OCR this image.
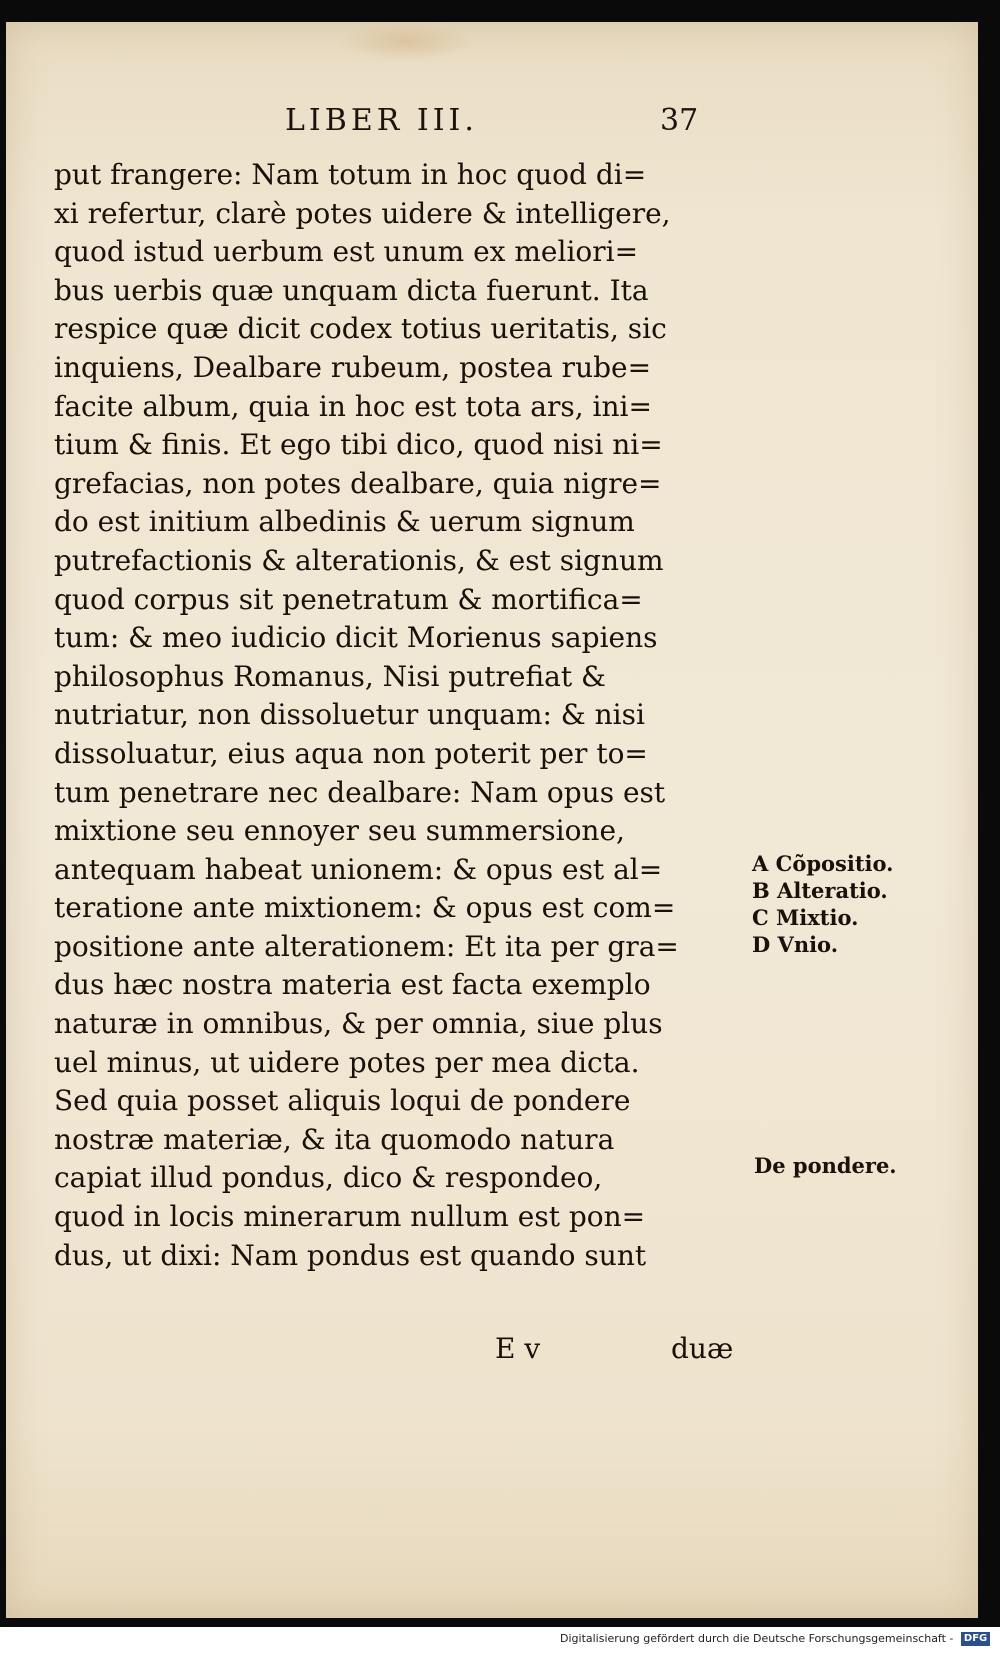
LIBER III.	37
put frangere: Nam totum in hoc quod di=
xi refertur, clarè potes uidere & intelligere,
quod istud uerbum est unum ex meliori=
bus uerbis quæ unquam dicta fuerunt. Ita
respice quæ dicit codex totius ueritatis, sic
inquiens, Dealbare rubeum, postea rube=
facite album, quia in hoc est tota ars, ini=
tium & finis. Et ego tibi dico, quod nisi ni=
grefacias, non potes dealbare, quia nigre=
do est initium albedinis & uerum signum
putrefactionis & alterationis, & est signum
quod corpus sit penetratum & mortifica=
tum: & meo iudicio dicit Morienus sapiens
philosophus Romanus, Nisi putrefiat &
nutriatur, non dissoluetur unquam: & nisi
dissoluatur, eius aqua non poterit per to=
tum penetrare nec dealbare: Nam opus est
mixtione seu ennoyer seu summersione,
antequam habeat unionem: & opus est al=
teratione ante mixtionem: & opus est com=
positione ante alterationem: Et ita per gra=
dus hæc nostra materia est facta exemplo
naturæ in omnibus, & per omnia, siue plus
uel minus, ut uidere potes per mea dicta.
Sed quia posset aliquis loqui de pondere
nostræ materiæ, & ita quomodo natura
capiat illud pondus, dico & respondeo,
quod in locis minerarum nullum est pon=
dus, ut dixi: Nam pondus est quando sunt
E v	duæ
A Cõpositio.
B Alteratio.
C Mixtio.
D Vnio.
De pondere.
Digitalisierung gefördert durch die Deutsche Forschungsgemeinschaft - DFG
